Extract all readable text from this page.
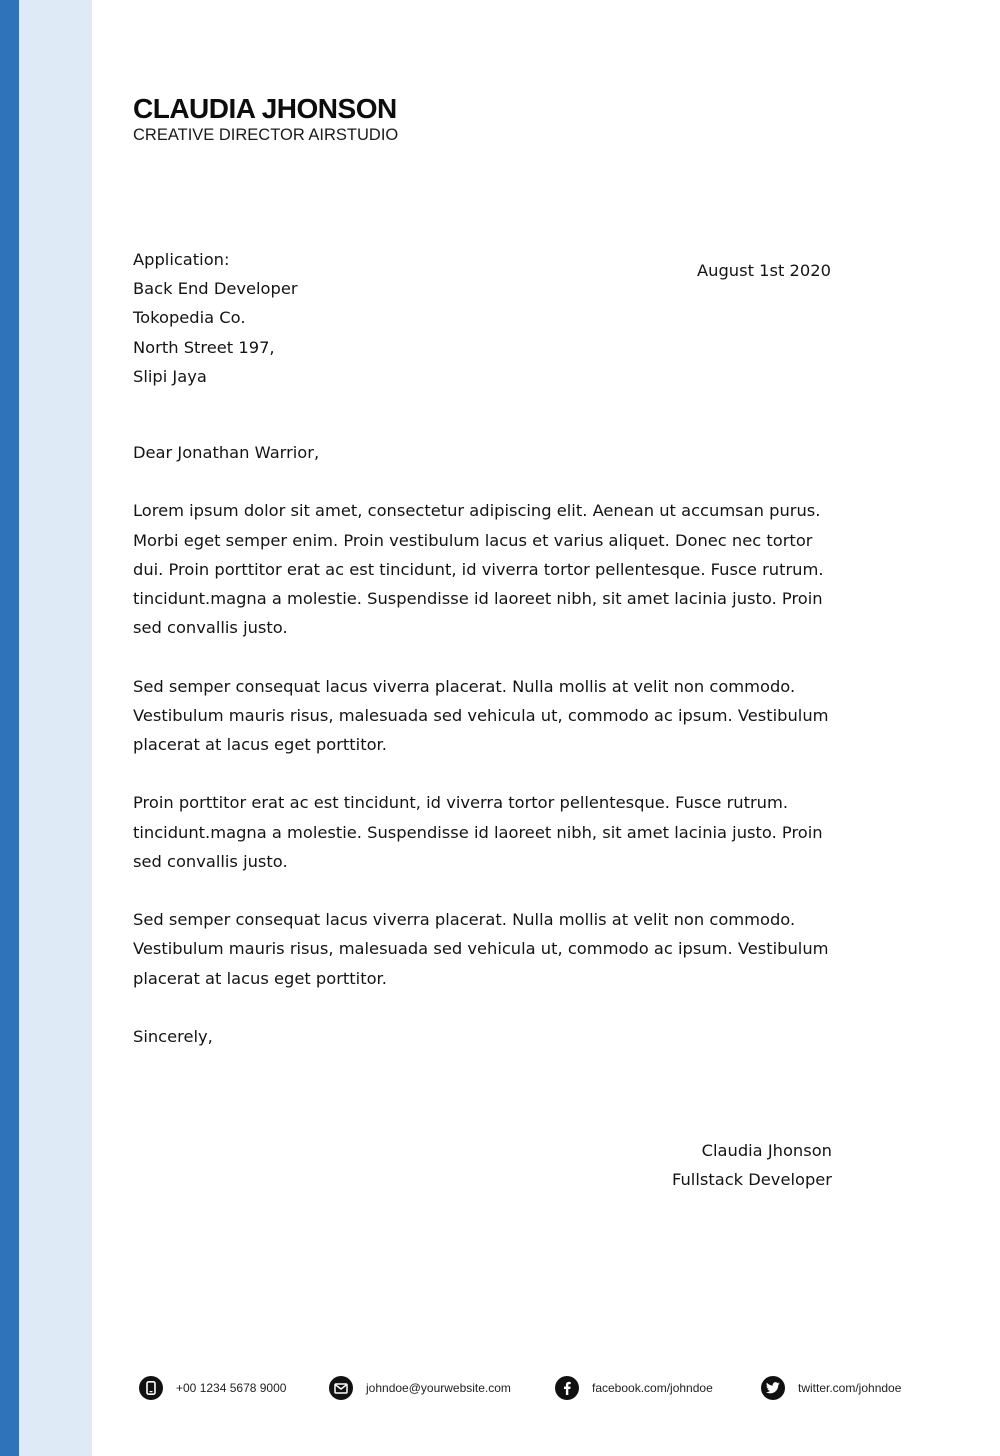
CLAUDIA JHONSON
CREATIVE DIRECTOR AIRSTUDIO
Application:
Back End Developer
Tokopedia Co.
North Street 197,
Slipi Jaya
August 1st 2020
Dear Jonathan Warrior,

Lorem ipsum dolor sit amet, consectetur adipiscing elit. Aenean ut accumsan purus. Morbi eget semper enim. Proin vestibulum lacus et varius aliquet. Donec nec tortor dui. Proin porttitor erat ac est tincidunt, id viverra tortor pellentesque. Fusce rutrum. tincidunt.magna a molestie. Suspendisse id laoreet nibh, sit amet lacinia justo. Proin sed convallis justo.

Sed semper consequat lacus viverra placerat. Nulla mollis at velit non commodo. Vestibulum mauris risus, malesuada sed vehicula ut, commodo ac ipsum. Vestibulum placerat at lacus eget porttitor.

Proin porttitor erat ac est tincidunt, id viverra tortor pellentesque. Fusce rutrum. tincidunt.magna a molestie. Suspendisse id laoreet nibh, sit amet lacinia justo. Proin sed convallis justo.

Sed semper consequat lacus viverra placerat. Nulla mollis at velit non commodo. Vestibulum mauris risus, malesuada sed vehicula ut, commodo ac ipsum. Vestibulum placerat at lacus eget porttitor.

Sincerely,
Claudia Jhonson
Fullstack Developer
+00 1234 5678 9000	johndoe@yourwebsite.com	facebook.com/johndoe	twitter.com/johndoe
